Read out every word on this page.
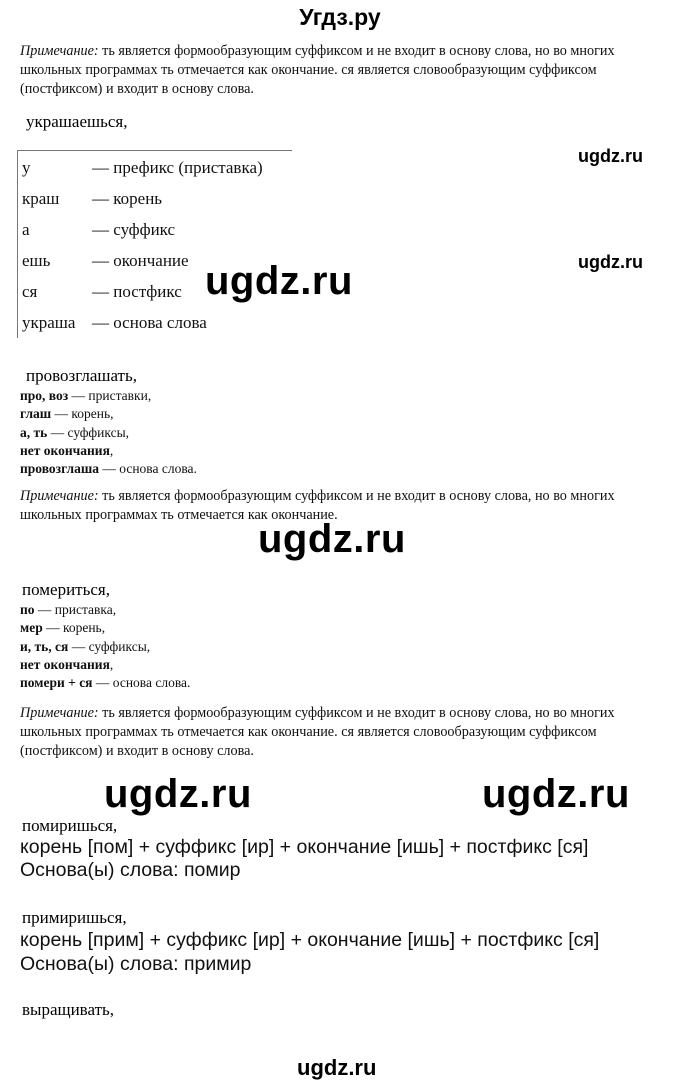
Угдз.ру
Примечание: ть является формообразующим суффиксом и не входит в основу слова, но во многих школьных программах ть отмечается как окончание. ся является словообразующим суффиксом (постфиксом) и входит в основу слова.
украшаешься,
у	— префикс (приставка)
краш — корень
а	— суффикс
ешь — окончание
ся	— постфикс
украша — основа слова
провозглашать,
про, воз — приставки,
глаш — корень,
а, ть — суффиксы,
нет окончания,
провозглаша — основа слова.
Примечание: ть является формообразующим суффиксом и не входит в основу слова, но во многих школьных программах ть отмечается как окончание.
помериться,
по — приставка,
мер — корень,
и, ть, ся — суффиксы,
нет окончания,
помери + ся — основа слова.
Примечание: ть является формообразующим суффиксом и не входит в основу слова, но во многих школьных программах ть отмечается как окончание. ся является словообразующим суффиксом (постфиксом) и входит в основу слова.
помиришься,
корень [пом] + суффикс [ир] + окончание [ишь] + постфикс [ся]
Основа(ы) слова: помир
примиришься,
корень [прим] + суффикс [ир] + окончание [ишь] + постфикс [ся]
Основа(ы) слова: примир
выращивать,
ugdz.ru
ugdz.ru
ugdz.ru
ugdz.ru
ugdz.ru	ugdz.ru
ugdz.ru
